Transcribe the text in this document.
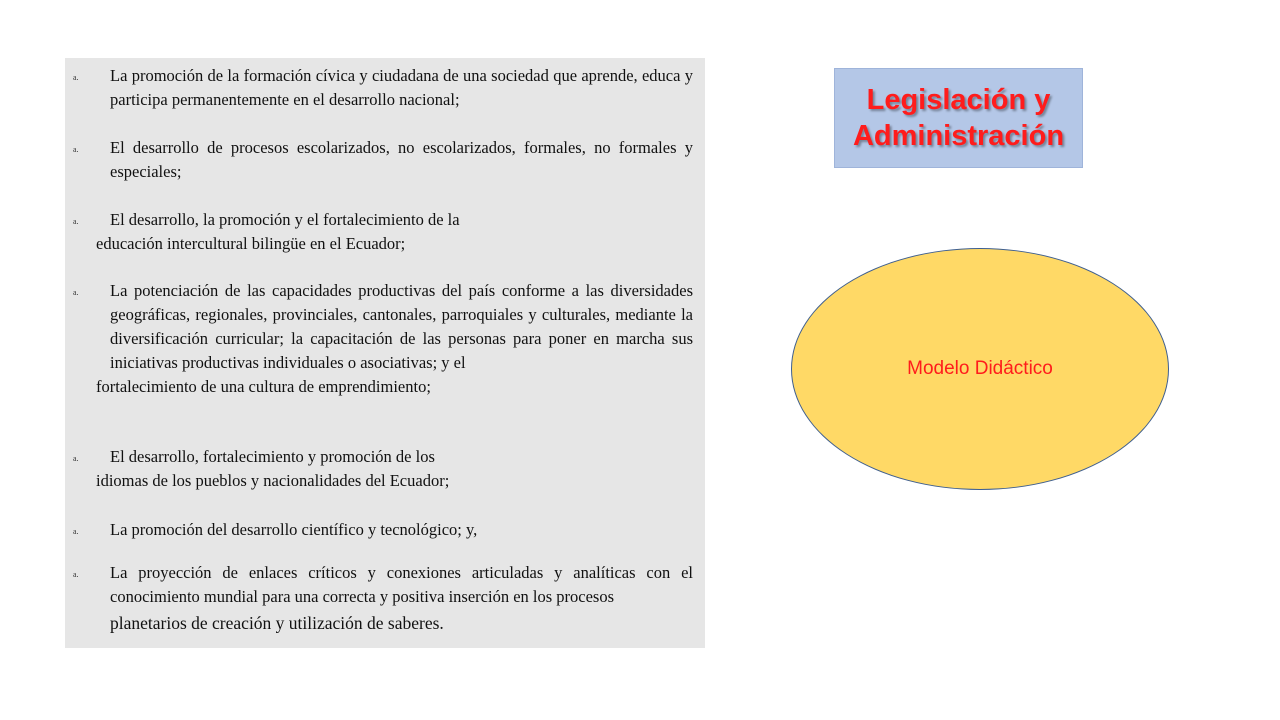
a. La promoción de la formación cívica y ciudadana de una sociedad que aprende, educa y participa permanentemente en el desarrollo nacional;

a. El desarrollo de procesos escolarizados, no escolarizados, formales, no formales y especiales;

a. El desarrollo, la promoción y el fortalecimiento de la

educación intercultural bilingüe en el Ecuador;

a. La potenciación de las capacidades productivas del país conforme a las diversidades geográficas, regionales, provinciales, cantonales, parroquiales y culturales, mediante la diversificación curricular; la capacitación de las personas para poner en marcha sus iniciativas productivas individuales o asociativas; y el

fortalecimiento de una cultura de emprendimiento;

a. El desarrollo, fortalecimiento y promoción de los

idiomas de los pueblos y nacionalidades del Ecuador;

a. La promoción del desarrollo científico y tecnológico; y,

a. La proyección de enlaces críticos y conexiones articuladas y analíticas con el conocimiento mundial para una correcta y positiva inserción en los procesos

planetarios de creación y utilización de saberes.

Legislación y
Administración
Modelo Didáctico
